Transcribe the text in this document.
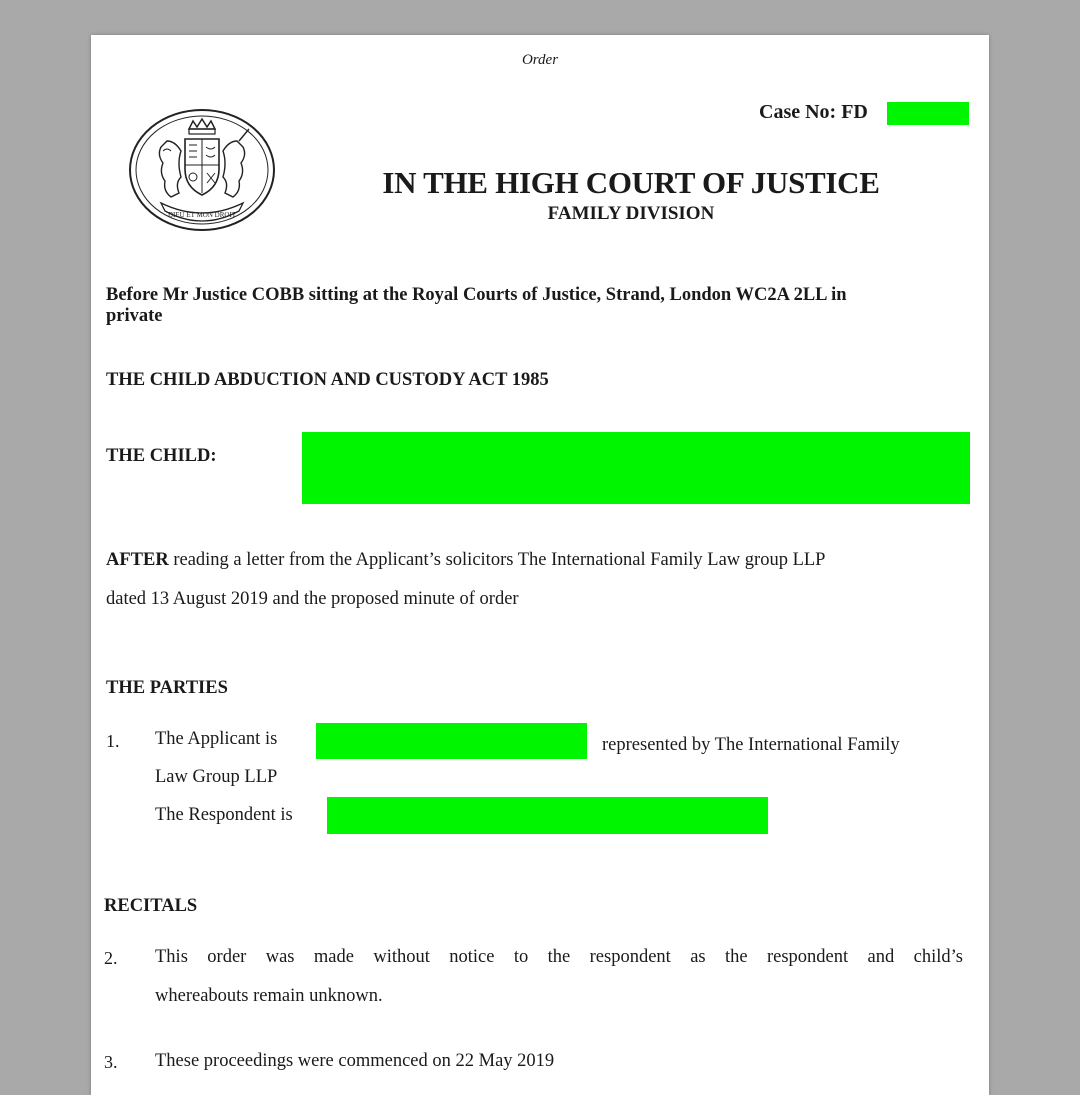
Order
Case No: FD
DIEU ET MON DROIT
IN THE HIGH COURT OF JUSTICE
FAMILY DIVISION
Before Mr Justice COBB sitting at the Royal Courts of Justice, Strand, London WC2A 2LL in
private
THE CHILD ABDUCTION AND CUSTODY ACT 1985
THE CHILD:
AFTER reading a letter from the Applicant’s solicitors The International Family Law group LLP
dated 13 August 2019 and the proposed minute of order
THE PARTIES
1. The Applicant is	represented by The International Family
Law Group LLP
The Respondent is
RECITALS
2. This order was made without notice to the respondent as the respondent and child’s
whereabouts remain unknown.
3. These proceedings were commenced on 22 May 2019
